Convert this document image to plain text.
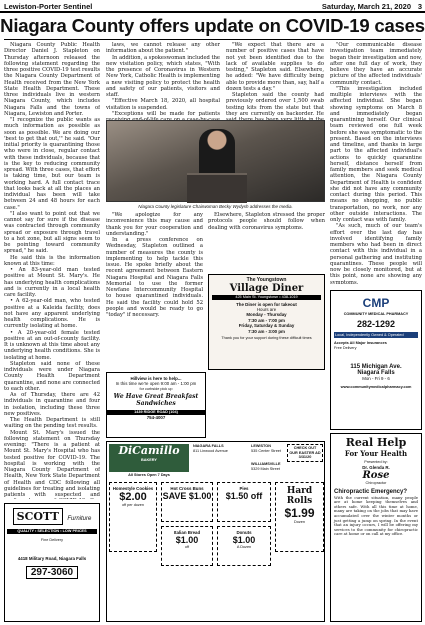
Lewiston-Porter Sentinel	Saturday, March 21, 2020 3
Niagara County offers update on COVID-19 cases

Niagara County Public Health Director Daniel J. Stapleton on Thursday afternoon released the following statement regarding the three positive COVID-19 test results the Niagara County Department of Health received from the New York State Health Department. These three individuals live in western Niagara County, which includes Niagara Falls and the towns of Niagara, Lewiston and Porter.

"I recognize the public wants as much information as possible as soon as possible. We are doing our 'best to get that out,'" he said. "Our initial priority is quarantining those who were in close, regular contact with these individuals, because that is the key to reducing community spread. With three cases, that effort is taking time, but our team is working hard. A full contact trace that looks back at all the places an individual has been will take between 24 and 48 hours for each case."

"I also want to point out that we cannot say for sure if the disease was contracted through community spread or exposure through travel to a hot zone, but all signs seem to be pointing toward community spread," he said.

He said this is the information known at this time:

• An 83-year-old man tested positive at Mount St. Mary's. He has underlying health complications and is currently in a local health care facility.

• A 62-year-old man, who tested positive at a Kaleida facility, does not have any apparent underlying health complications. He is currently isolating at home.

• A 20-year-old female tested positive at an out-of-county facility. It is unknown at this time about any underlying health conditions. She is isolating at home.

Stapleton said none of these individuals were under Niagara County Health Department quarantine, and none are connected to each other.

As of Thursday, there are 42 individuals in quarantine and four in isolation, including these three new positives.

The Health Department is still waiting on the pending test results.

Mount St. Mary's issued the following statement on Thursday evening: "There is a patient at Mount St. Mary's Hospital who has tested positive for COVID-19. The hospital is working with the Niagara County Department of Health, New York State Department of Health and CDC following all guidelines for treating and isolating patients with suspected and

laws, we cannot release any other information about the patient."

In addition, a spokeswoman included the new visitation policy, which states, "With the presence of Coronavirus in Western New York, Catholic Health is implementing a new visiting policy to protect the health and safety of our patients, visitors and staff.

"Effective March 18, 2020, all hospital visitation is suspended.

"Exceptions will be made for patients

"We expect that there are a number of positive cases that have not yet been identified due to the lack of available supplies to do testing," Stapleton said. Elsewhere, he added: "We have difficulty being able to provide more than, say, half a dozen tests a day."

Stapleton said the county had previously ordered over 1,500 swab testing kits from the state but that they are currently on backorder. He

"Our communicable disease investigation team immediately began their investigation and now, after one full day of work, they believe they have an accurate picture of the affected individuals' community contact.

"This investigation included multiple interviews with the affected individual. She began showing symptoms on March 8 and immediately began quarantining herself. Our clinical team reviewed one full week before she was symptomatic to the present. Based on the interviews and timeline, and thanks in large part to the affected individual's actions to quickly quarantine herself, distance herself from family members and seek medical attention, the Niagara County Department of Health is confident she did not have any community contact during this period. This means no shopping, no public transportation, no work, nor any other outside interactions. The only contact was with family.

"As such, much of our team's effort over the last day has involved identifying family members who had been in direct contact with this individual in a personal gathering and instituting quarantines. These people will now be closely monitored, but at this point, none are showing any symptoms.

Niagara County legislature Chairwoman Becky Wydysh addresses the media.

"We apologize for any inconvenience this may cause and thank you for your cooperation and understanding."

In a press conference on Wednesday, Stapleton outlined a number of measures the county is implementing to help tackle this issue. He spoke briefly about the recent agreement between Eastern Niagara Hospital and Niagara Falls Memorial to use the former Newfane Intercommunity Hospital to house quarantined individuals. He said the facility could hold 52 people and would be ready to go "today" if necessary.

Elsewhere, Stapleton stressed the proper protocols people should follow when dealing with coronavirus symptoms.

The Youngstown
Village Diner
425 Main St. Youngstown • 438-1019
The Diner is open for takeout
Hours are
Monday - Thursday
7:30 am - 7:00 pm
Friday, Saturday & Sunday
7:30 am - 3:00 pm
Thank you for your support during these difficult times
CMP
COMMUNITY MEDICAL PHARMACY
282-1292
Local, Independently Owned & Operated
Accepts All Major Insurances
Free Delivery
115 Michigan Ave.
Niagara Falls
Mon - Fri 9 - 6
www.communitymedicalpharmacy.com
Real Help
For Your Health
Presented by:
Dr. Glenda R.
Rose
Chiropractor
Chiropractic Emergency?
With the current situation, many people are at home keeping themselves and others safe. With all this time at home, many are taking on the jobs that may have accumulated over the winter months or just getting a jump on spring. In the event that an injury occurs, I will be offering my services to the community for chiropractic care at home or on call at my office.
Hillview is here to help...
In this time we're open 9:00 am - 1:00 pm
for curbside pick up
We Have Great Breakfast Sandwiches
1439 RIDGE ROAD (104)
754-4007
SCOTT Furniture
QUALITY • SELECTION • LOW PRICES
Fine Delivery
4418 Military Road, Niagara Falls
297-3060
DiCamillo
BAKERY
All Stores Open 7 Days
NIAGARA FALLS
811 Linwood Avenue
LEWISTON
535 Center Street
WILLIAMSVILLE
5329 Main Street
CHECK OUT OUR EASTER AD 3/31/20
Homestyle Cookies
$2.00
off per dozen
Hot Cross Buns
SAVE $1.00
Pies
$1.50 off
Hard Rolls
$1.99
Dozen
Italian Bread
$1.00
off
Donuts
$1.00
A Dozen
